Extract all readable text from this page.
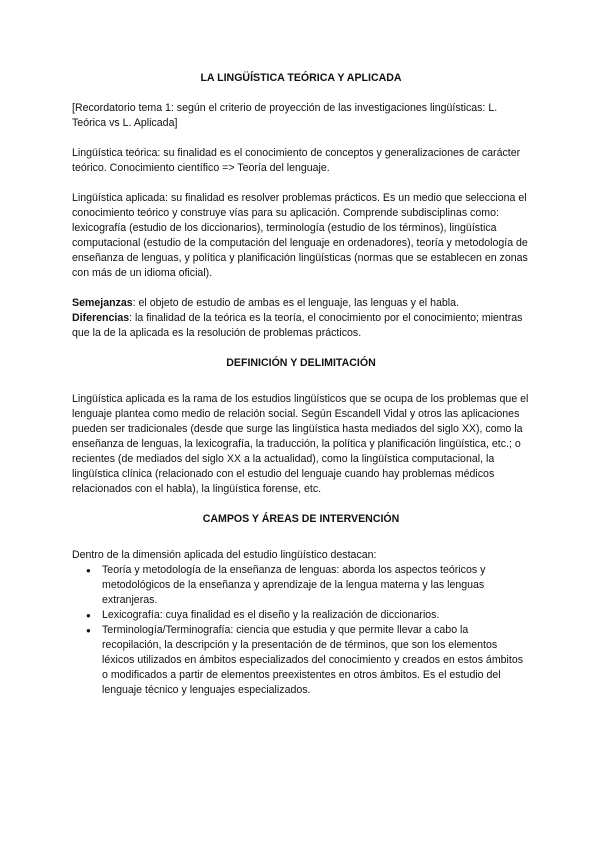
LA LINGÜÍSTICA TEÓRICA Y APLICADA

[Recordatorio tema 1: según el criterio de proyección de las investigaciones lingüísticas: L. Teórica vs L. Aplicada]

Lingüística teórica: su finalidad es el conocimiento de conceptos y generalizaciones de carácter teórico. Conocimiento científico => Teoría del lenguaje.

Lingüística aplicada: su finalidad es resolver problemas prácticos. Es un medio que selecciona el conocimiento teórico y construye vías para su aplicación. Comprende subdisciplinas como: lexicografía (estudio de los diccionarios), terminología (estudio de los términos), lingüística computacional (estudio de la computación del lenguaje en ordenadores), teoría y metodología de enseñanza de lenguas, y política y planificación lingüísticas (normas que se establecen en zonas con más de un idioma oficial).

Semejanzas: el objeto de estudio de ambas es el lenguaje, las lenguas y el habla.

Diferencias: la finalidad de la teórica es la teoría, el conocimiento por el conocimiento; mientras que la de la aplicada es la resolución de problemas prácticos.

DEFINICIÓN Y DELIMITACIÓN

Lingüística aplicada es la rama de los estudios lingüísticos que se ocupa de los problemas que el lenguaje plantea como medio de relación social. Según Escandell Vidal y otros las aplicaciones pueden ser tradicionales (desde que surge las lingüística hasta mediados del siglo XX), como la enseñanza de lenguas, la lexicografía, la traducción, la política y planificación lingüística, etc.; o recientes (de mediados del siglo XX a la actualidad), como la lingüística computacional, la lingüística clínica (relacionado con el estudio del lenguaje cuando hay problemas médicos relacionados con el habla), la lingüística forense, etc.

CAMPOS Y ÁREAS DE INTERVENCIÓN

Dentro de la dimensión aplicada del estudio lingüístico destacan:

● Teoría y metodología de la enseñanza de lenguas: aborda los aspectos teóricos y metodológicos de la enseñanza y aprendizaje de la lengua materna y las lenguas extranjeras.
● Lexicografía: cuya finalidad es el diseño y la realización de diccionarios.
● Terminología/Terminografía: ciencia que estudia y que permite llevar a cabo la recopilación, la descripción y la presentación de de términos, que son los elementos léxicos utilizados en ámbitos especializados del conocimiento y creados en estos ámbitos o modificados a partir de elementos preexistentes en otros ámbitos. Es el estudio del lenguaje técnico y lenguajes especializados.
